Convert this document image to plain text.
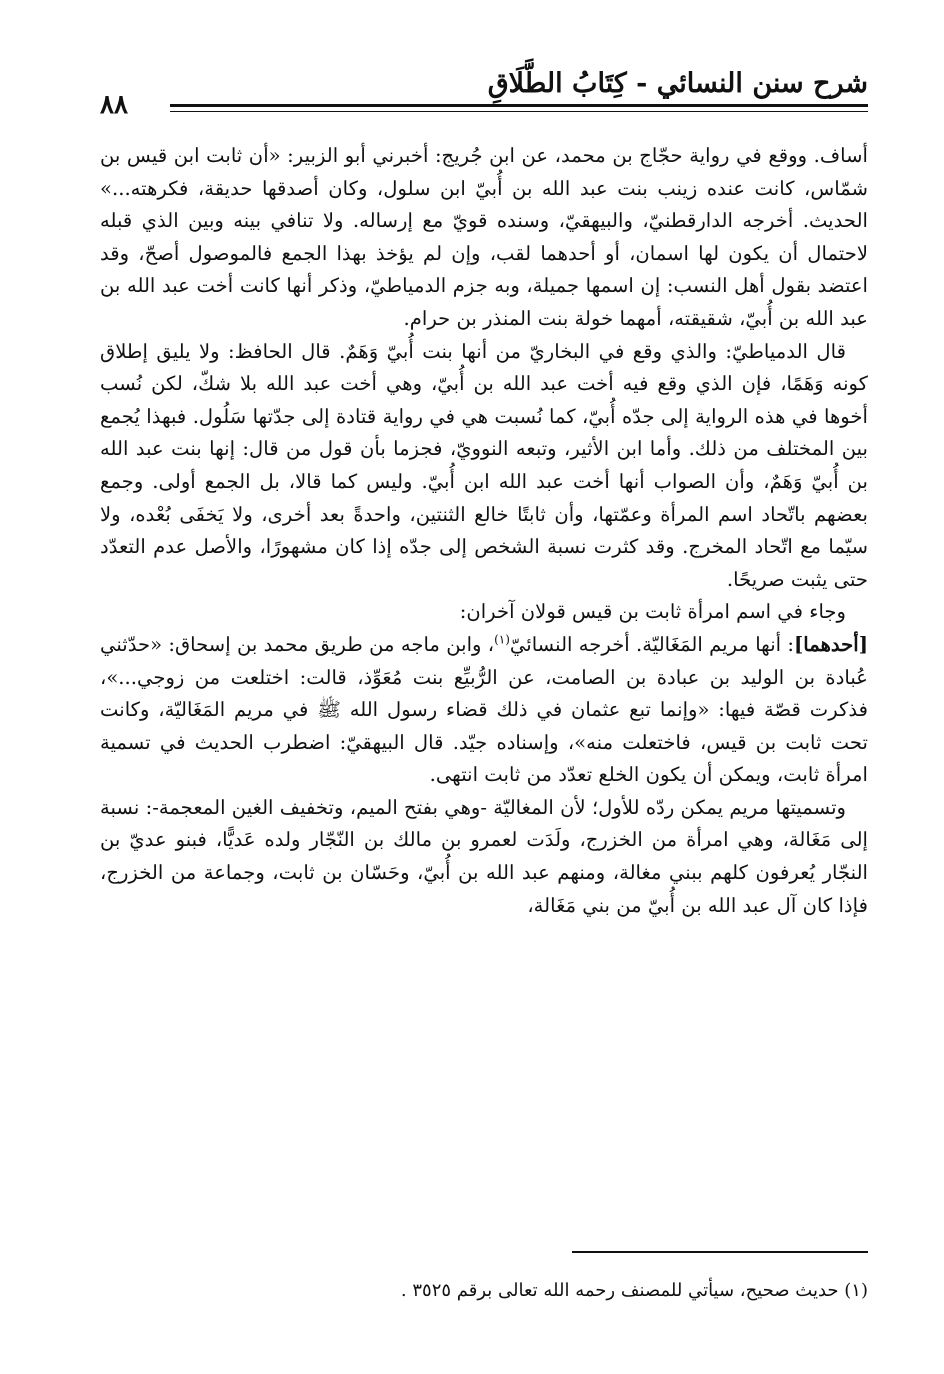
شرح سنن النسائي - كِتَابُ الطَّلَاقِ
٨٨

أساف. ووقع في رواية حجّاج بن محمد، عن ابن جُريج: أخبرني أبو الزبير: «أن ثابت ابن قيس بن شمّاس، كانت عنده زينب بنت عبد الله بن أُبيّ ابن سلول، وكان أصدقها حديقة، فكرهته...» الحديث. أخرجه الدارقطنيّ، والبيهقيّ، وسنده قويّ مع إرساله. ولا تنافي بينه وبين الذي قبله لاحتمال أن يكون لها اسمان، أو أحدهما لقب، وإن لم يؤخذ بهذا الجمع فالموصول أصحّ، وقد اعتضد بقول أهل النسب: إن اسمها جميلة، وبه جزم الدمياطيّ، وذكر أنها كانت أخت عبد الله بن عبد الله بن أُبيّ، شقيقته، أمهما خولة بنت المنذر بن حرام.

قال الدمياطيّ: والذي وقع في البخاريّ من أنها بنت أُبيّ وَهَمٌ. قال الحافظ: ولا يليق إطلاق كونه وَهَمًا، فإن الذي وقع فيه أخت عبد الله بن أُبيّ، وهي أخت عبد الله بلا شكّ، لكن نُسب أخوها في هذه الرواية إلى جدّه أُبيّ، كما نُسبت هي في رواية قتادة إلى جدّتها سَلُول. فبهذا يُجمع بين المختلف من ذلك. وأما ابن الأثير، وتبعه النوويّ، فجزما بأن قول من قال: إنها بنت عبد الله بن أُبيّ وَهَمٌ، وأن الصواب أنها أخت عبد الله ابن أُبيّ. وليس كما قالا، بل الجمع أولى. وجمع بعضهم باتّحاد اسم المرأة وعمّتها، وأن ثابتًا خالع الثنتين، واحدةً بعد أخرى، ولا يَخفَى بُعْده، ولا سيّما مع اتّحاد المخرج. وقد كثرت نسبة الشخص إلى جدّه إذا كان مشهورًا، والأصل عدم التعدّد حتى يثبت صريحًا.

وجاء في اسم امرأة ثابت بن قيس قولان آخران:

[أحدهما]: أنها مريم المَغَاليّة. أخرجه النسائيّ$^{(١)}$، وابن ماجه من طريق محمد بن إسحاق: «حدّثني عُبادة بن الوليد بن عبادة بن الصامت، عن الرُّبيِّع بنت مُعَوِّذ، قالت: اختلعت من زوجي...»، فذكرت قصّة فيها: «وإنما تبع عثمان في ذلك قضاء رسول الله ﷺ في مريم المَغَاليّة، وكانت تحت ثابت بن قيس، فاختعلت منه»، وإسناده جيّد. قال البيهقيّ: اضطرب الحديث في تسمية امرأة ثابت، ويمكن أن يكون الخلع تعدّد من ثابت انتهى.

وتسميتها مريم يمكن ردّه للأول؛ لأن المغاليّة -وهي بفتح الميم، وتخفيف الغين المعجمة-: نسبة إلى مَغَالة، وهي امرأة من الخزرج، ولَدَت لعمرو بن مالك بن النّجّار ولده عَديًّا، فبنو عديّ بن النجّار يُعرفون كلهم ببني مغالة، ومنهم عبد الله بن أُبيّ، وحَسّان بن ثابت، وجماعة من الخزرج، فإذا كان آل عبد الله بن أُبيّ من بني مَغَالة،

(١) حديث صحيح، سيأتي للمصنف رحمه الله تعالى برقم ٣٥٢٥ .
